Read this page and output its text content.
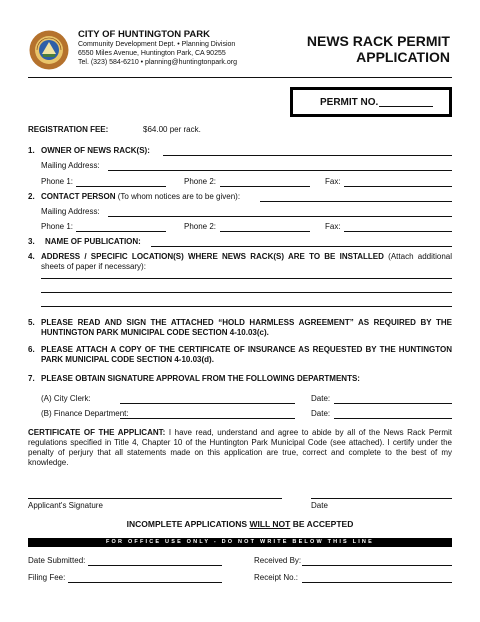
CITY OF HUNTINGTON PARK
Community Development Dept. • Planning Division
6550 Miles Avenue, Huntington Park, CA 90255
Tel. (323) 584-6210 • planning@huntingtonpark.org
NEWS RACK PERMIT
APPLICATION
PERMIT NO.
REGISTRATION FEE:	$64.00 per rack.
1. OWNER OF NEWS RACK(S):
Mailing Address:
Phone 1:	Phone 2:	Fax:
2. CONTACT PERSON (To whom notices are to be given):
Mailing Address:
Phone 1:	Phone 2:	Fax:
3. NAME OF PUBLICATION:
4. ADDRESS / SPECIFIC LOCATION(S) WHERE NEWS RACK(S) ARE TO BE INSTALLED (Attach additional sheets of paper if necessary):
5. PLEASE READ AND SIGN THE ATTACHED “HOLD HARMLESS AGREEMENT” AS REQUIRED BY THE HUNTINGTON PARK MUNICIPAL CODE SECTION 4-10.03(c).
6. PLEASE ATTACH A COPY OF THE CERTIFICATE OF INSURANCE AS REQUESTED BY THE HUNTINGTON PARK MUNICIPAL CODE SECTION 4-10.03(d).
7. PLEASE OBTAIN SIGNATURE APPROVAL FROM THE FOLLOWING DEPARTMENTS:
(A) City Clerk:	Date:
(B) Finance Department:	Date:
CERTIFICATE OF THE APPLICANT: I have read, understand and agree to abide by all of the News Rack Permit regulations specified in Title 4, Chapter 10 of the Huntington Park Municipal Code (see attached). I certify under the penalty of perjury that all statements made on this application are true, correct and complete to the best of my knowledge.
Applicant's Signature	Date
INCOMPLETE APPLICATIONS WILL NOT BE ACCEPTED
FOR OFFICE USE ONLY - DO NOT WRITE BELOW THIS LINE
Date Submitted:	Received By:
Filing Fee:	Receipt No.:
